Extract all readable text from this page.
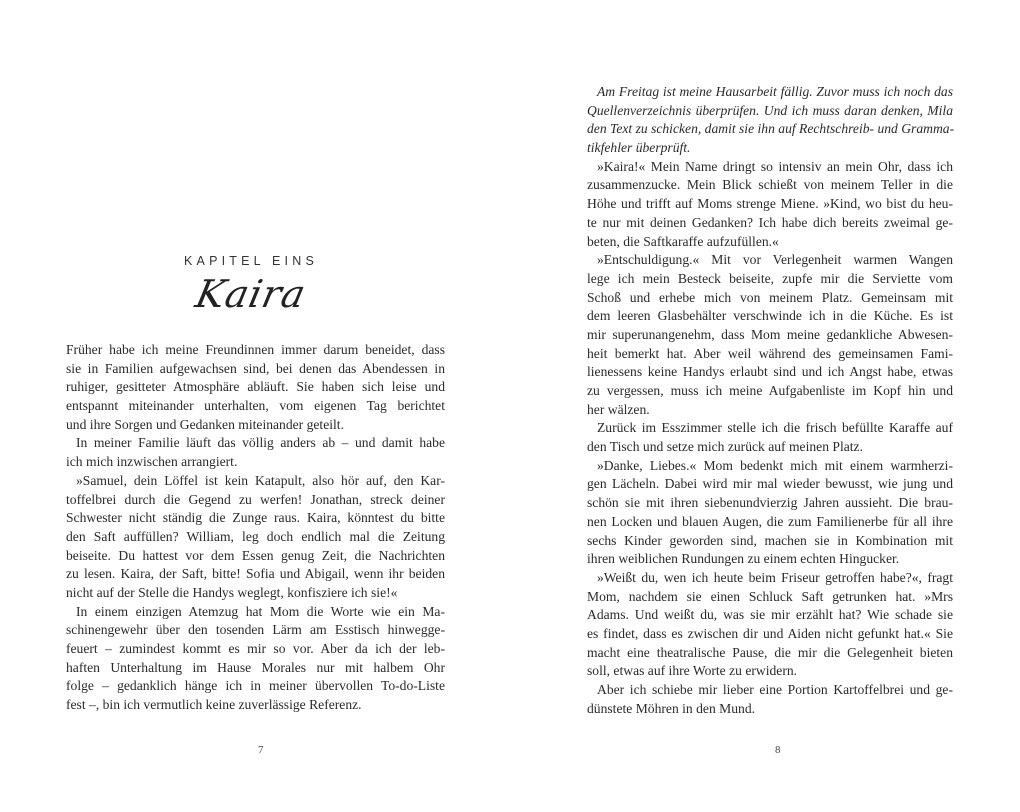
KAPITEL EINS
Kaira
Früher habe ich meine Freundinnen immer darum beneidet, dass
sie in Familien aufgewachsen sind, bei denen das Abendessen in
ruhiger, gesitteter Atmosphäre abläuft. Sie haben sich leise und
entspannt miteinander unterhalten, vom eigenen Tag berichtet
und ihre Sorgen und Gedanken miteinander geteilt.
In meiner Familie läuft das völlig anders ab – und damit habe
ich mich inzwischen arrangiert.
»Samuel, dein Löffel ist kein Katapult, also hör auf, den Kar-
toffelbrei durch die Gegend zu werfen! Jonathan, streck deiner
Schwester nicht ständig die Zunge raus. Kaira, könntest du bitte
den Saft auffüllen? William, leg doch endlich mal die Zeitung
beiseite. Du hattest vor dem Essen genug Zeit, die Nachrichten
zu lesen. Kaira, der Saft, bitte! Sofia und Abigail, wenn ihr beiden
nicht auf der Stelle die Handys weglegt, konfisziere ich sie!«
In einem einzigen Atemzug hat Mom die Worte wie ein Ma-
schinengewehr über den tosenden Lärm am Esstisch hinwegge-
feuert – zumindest kommt es mir so vor. Aber da ich der leb-
haften Unterhaltung im Hause Morales nur mit halbem Ohr
folge – gedanklich hänge ich in meiner übervollen To-do-Liste
fest –, bin ich vermutlich keine zuverlässige Referenz.
7
Am Freitag ist meine Hausarbeit fällig. Zuvor muss ich noch das
Quellenverzeichnis überprüfen. Und ich muss daran denken, Mila
den Text zu schicken, damit sie ihn auf Rechtschreib- und Gramma-
tikfehler überprüft.
»Kaira!« Mein Name dringt so intensiv an mein Ohr, dass ich
zusammenzucke. Mein Blick schießt von meinem Teller in die
Höhe und trifft auf Moms strenge Miene. »Kind, wo bist du heu-
te nur mit deinen Gedanken? Ich habe dich bereits zweimal ge-
beten, die Saftkaraffe aufzufüllen.«
»Entschuldigung.« Mit vor Verlegenheit warmen Wangen
lege ich mein Besteck beiseite, zupfe mir die Serviette vom
Schoß und erhebe mich von meinem Platz. Gemeinsam mit
dem leeren Glasbehälter verschwinde ich in die Küche. Es ist
mir superunangenehm, dass Mom meine gedankliche Abwesen-
heit bemerkt hat. Aber weil während des gemeinsamen Fami-
lienessens keine Handys erlaubt sind und ich Angst habe, etwas
zu vergessen, muss ich meine Aufgabenliste im Kopf hin und
her wälzen.
Zurück im Esszimmer stelle ich die frisch befüllte Karaffe auf
den Tisch und setze mich zurück auf meinen Platz.
»Danke, Liebes.« Mom bedenkt mich mit einem warmherzi-
gen Lächeln. Dabei wird mir mal wieder bewusst, wie jung und
schön sie mit ihren siebenundvierzig Jahren aussieht. Die brau-
nen Locken und blauen Augen, die zum Familienerbe für all ihre
sechs Kinder geworden sind, machen sie in Kombination mit
ihren weiblichen Rundungen zu einem echten Hingucker.
»Weißt du, wen ich heute beim Friseur getroffen habe?«, fragt
Mom, nachdem sie einen Schluck Saft getrunken hat. »Mrs
Adams. Und weißt du, was sie mir erzählt hat? Wie schade sie
es findet, dass es zwischen dir und Aiden nicht gefunkt hat.« Sie
macht eine theatralische Pause, die mir die Gelegenheit bieten
soll, etwas auf ihre Worte zu erwidern.
Aber ich schiebe mir lieber eine Portion Kartoffelbrei und ge-
dünstete Möhren in den Mund.
8
